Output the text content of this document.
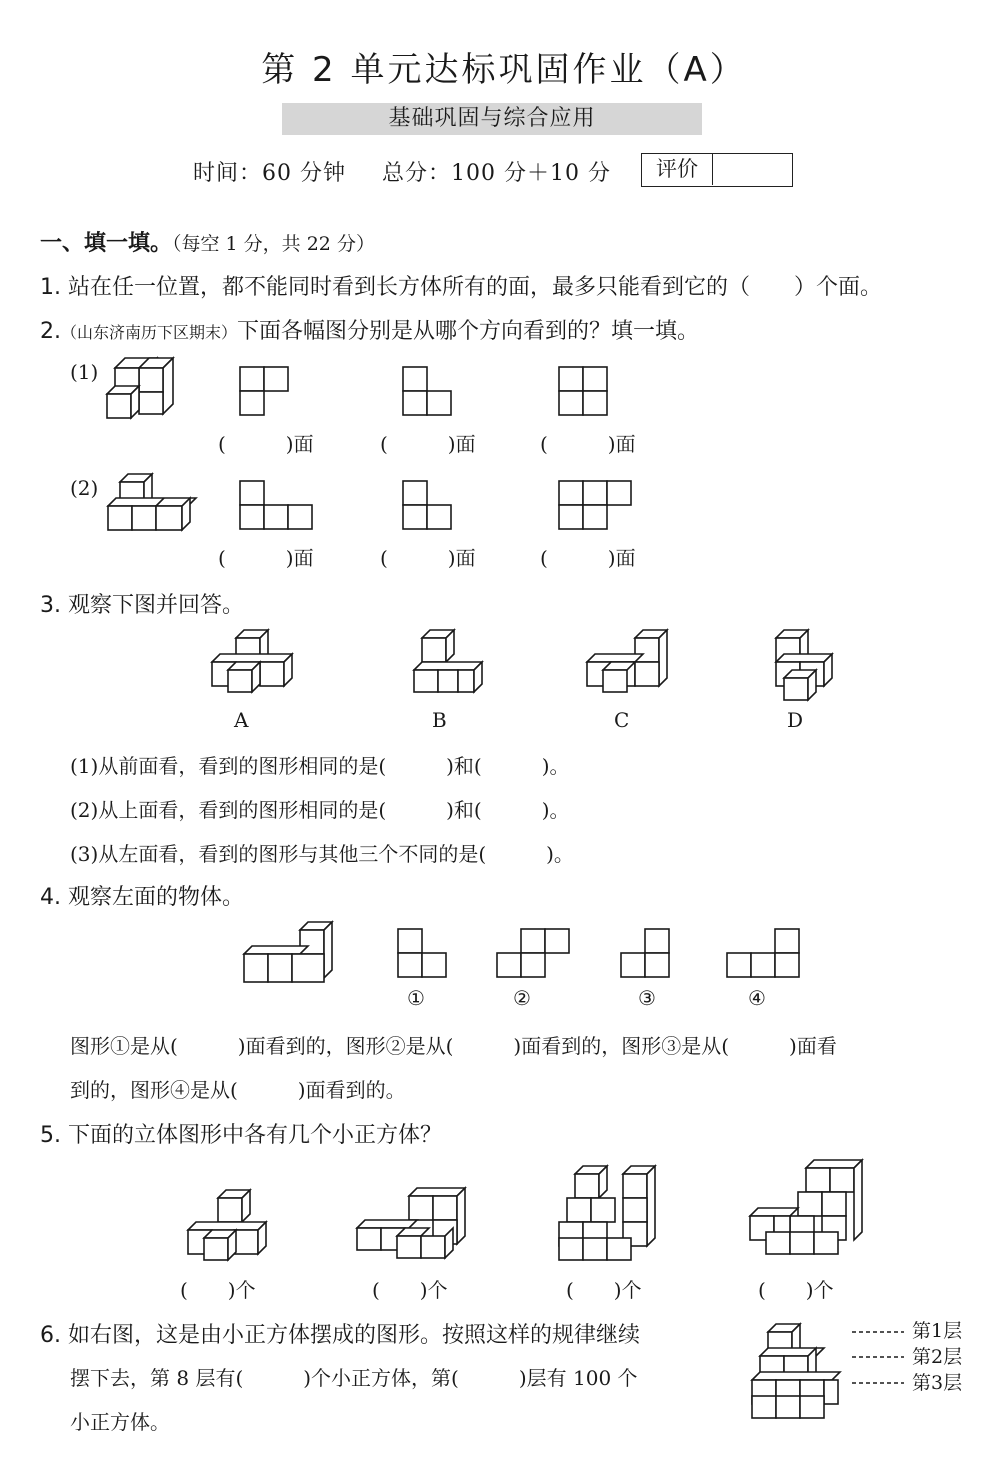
第 2 单元达标巩固作业（A）
基础巩固与综合应用
时间：60 分钟 总分：100 分＋10 分	评价
一、填一填。（每空 1 分，共 22 分）
1. 站在任一位置，都不能同时看到长方体所有的面，最多只能看到它的（　　）个面。
2.（山东济南历下区期末）下面各幅图分别是从哪个方向看到的？填一填。
(1)
(2)
(　　　)面	(　　　)面	(　　　)面
(　　　)面	(　　　)面	(　　　)面
3. 观察下图并回答。
A	B	C	D
(1)从前面看，看到的图形相同的是(　　　)和(　　　)。
(2)从上面看，看到的图形相同的是(　　　)和(　　　)。
(3)从左面看，看到的图形与其他三个不同的是(　　　)。
4. 观察左面的物体。
①	②	③	④
图形①是从(　　　)面看到的，图形②是从(　　　)面看到的，图形③是从(　　　)面看
到的，图形④是从(　　　)面看到的。
5. 下面的立体图形中各有几个小正方体？
(　　)个	(　　)个	(　　)个	(　　)个
6. 如右图，这是由小正方体摆成的图形。按照这样的规律继续
摆下去，第 8 层有(　　　)个小正方体，第(　　　)层有 100 个
小正方体。
第1层
第2层
第3层
